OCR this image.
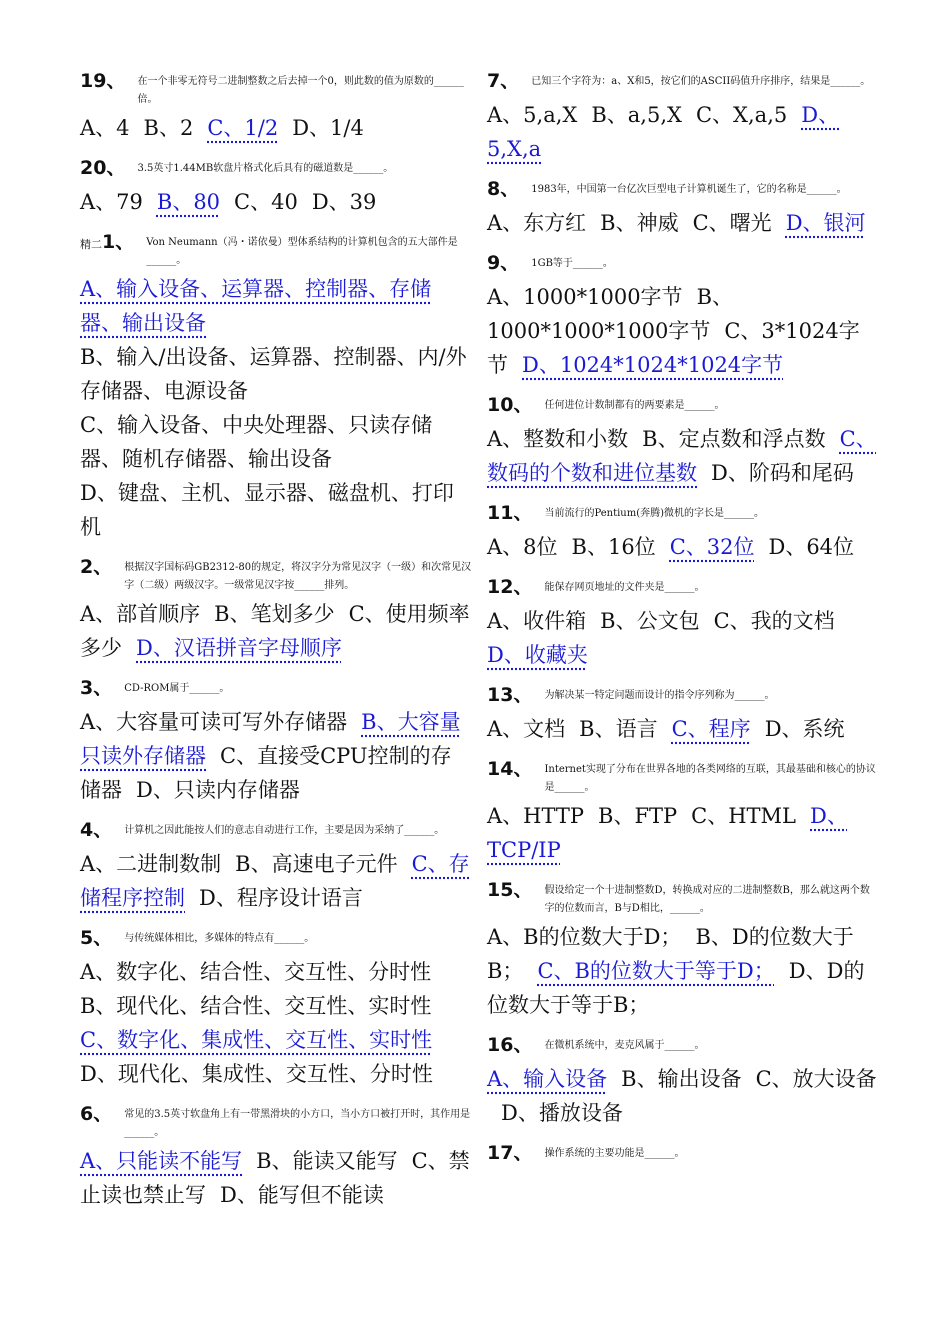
19、 在一个非零无符号二进制整数之后去掉一个0，则此数的值为原数的______倍。
A、4 B、2 C、1/2 D、1/4
20、 3.5英寸1.44MB软盘片格式化后具有的磁道数是______。
A、79 B、80 C、40 D、39
精二1、 Von Neumann（冯・诺依曼）型体系结构的计算机包含的五大部件是______。
A、输入设备、运算器、控制器、存储器、输出设备
B、输入/出设备、运算器、控制器、内/外存储器、电源设备
C、输入设备、中央处理器、只读存储器、随机存储器、输出设备
D、键盘、主机、显示器、磁盘机、打印机

2、 根据汉字国标码GB2312-80的规定，将汉字分为常见汉字（一级）和次常见汉字（二级）两级汉字。一级常见汉字按______排列。
A、部首顺序 B、笔划多少 C、使用频率多少 D、汉语拼音字母顺序
3、 CD-ROM属于______。
A、大容量可读可写外存储器 B、大容量只读外存储器 C、直接受CPU控制的存储器 D、只读内存储器
4、 计算机之因此能按人们的意志自动进行工作，主要是因为采纳了______。
A、二进制数制 B、高速电子元件 C、存储程序控制 D、程序设计语言
5、 与传统媒体相比，多媒体的特点有______。
A、数字化、结合性、交互性、分时性
B、现代化、结合性、交互性、实时性
C、数字化、集成性、交互性、实时性
D、现代化、集成性、交互性、分时性

6、 常见的3.5英寸软盘角上有一带黑滑块的小方口，当小方口被打开时，其作用是______。
A、只能读不能写 B、能读又能写 C、禁止读也禁止写 D、能写但不能读
7、 已知三个字符为：a、X和5，按它们的ASCII码值升序排序，结果是______。
A、5,a,X B、a,5,X C、X,a,5 D、5,X,a
8、 1983年，中国第一台亿次巨型电子计算机诞生了，它的名称是______。
A、东方红 B、神威 C、曙光 D、银河
9、 1GB等于______。
A、1000*1000字节 B、1000*1000*1000字节 C、3*1024字节 D、1024*1024*1024字节
10、 任何进位计数制都有的两要素是______。
A、整数和小数 B、定点数和浮点数 C、数码的个数和进位基数 D、阶码和尾码
11、 当前流行的Pentium(奔腾)微机的字长是______。
A、8位 B、16位 C、32位 D、64位
12、 能保存网页地址的文件夹是______。
A、收件箱 B、公文包 C、我的文档D、收藏夹
13、 为解决某一特定问题而设计的指令序列称为______。
A、文档 B、语言 C、程序 D、系统
14、 Internet实现了分布在世界各地的各类网络的互联，其最基础和核心的协议是______。
A、HTTP B、FTP C、HTML D、TCP/IP
15、 假设给定一个十进制整数D，转换成对应的二进制整数B，那么就这两个数字的位数而言，B与D相比，______。
A、B的位数大于D； B、D的位数大于B； C、B的位数大于等于D； D、D的位数大于等于B；
16、 在微机系统中，麦克风属于______。
A、输入设备 B、输出设备 C、放大设备D、播放设备
17、 操作系统的主要功能是______。
